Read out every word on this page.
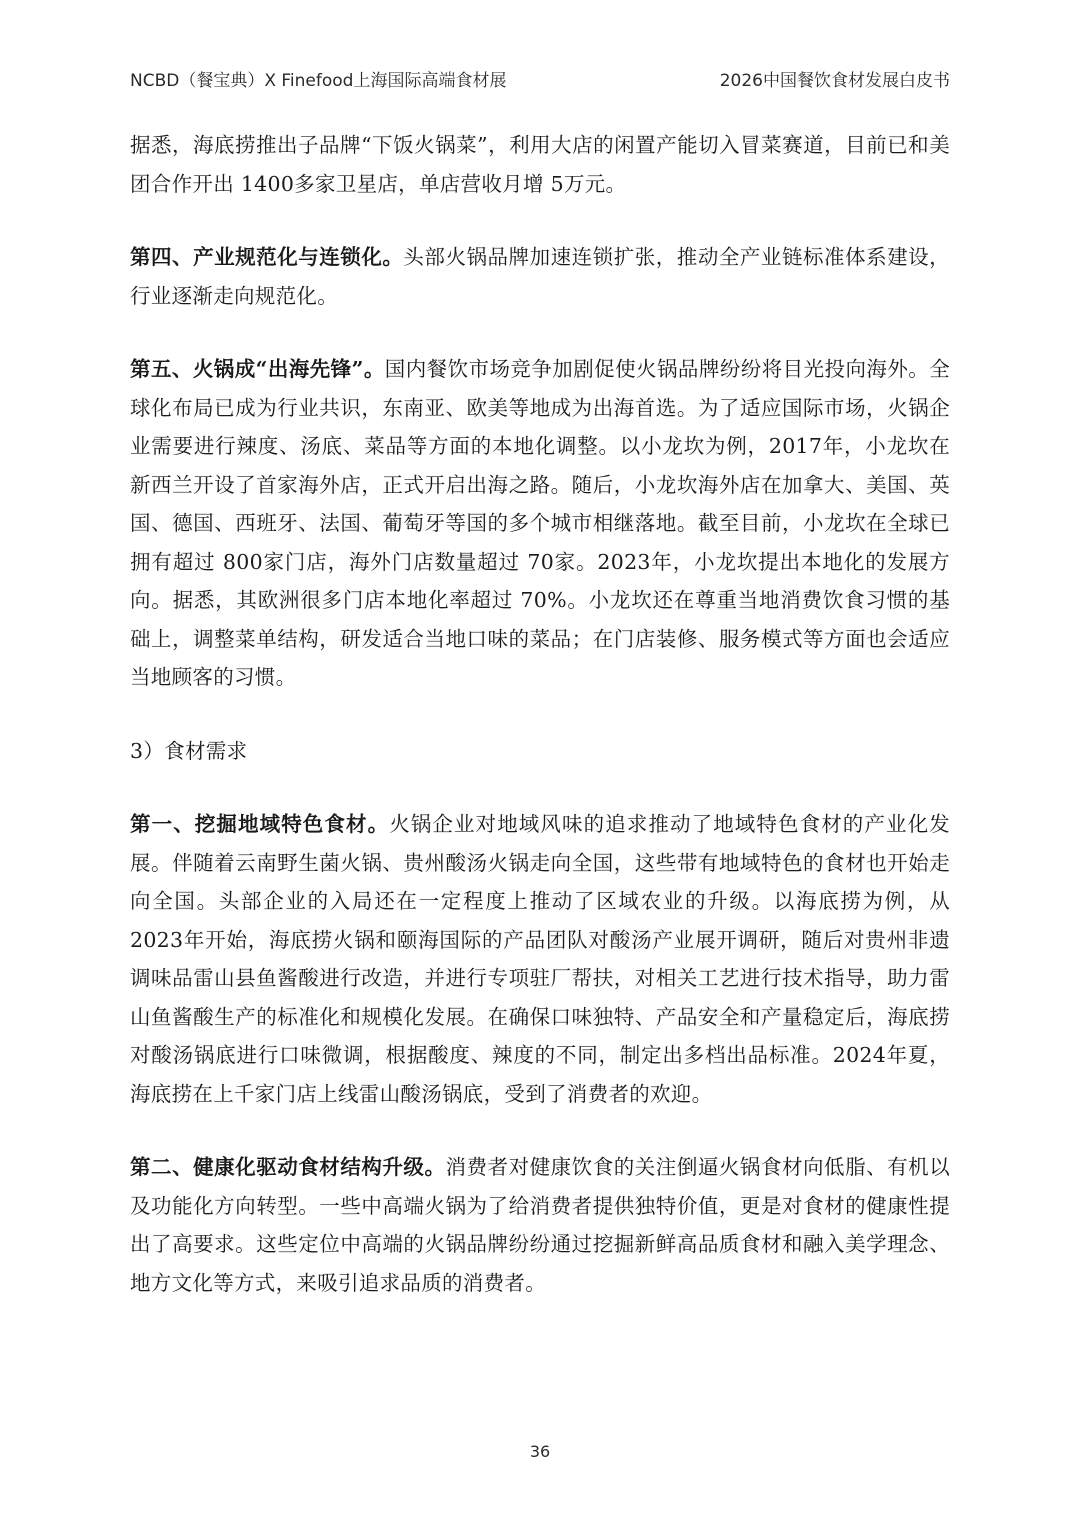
NCBD（餐宝典）X Finefood上海国际高端食材展	2026中国餐饮食材发展白皮书

据悉，海底捞推出子品牌“下饭火锅菜”，利用大店的闲置产能切入冒菜赛道，目前已和美团合作开出 1400多家卫星店，单店营收月增 5万元。

第四、产业规范化与连锁化。头部火锅品牌加速连锁扩张，推动全产业链标准体系建设，行业逐渐走向规范化。

第五、火锅成“出海先锋”。国内餐饮市场竞争加剧促使火锅品牌纷纷将目光投向海外。全球化布局已成为行业共识，东南亚、欧美等地成为出海首选。为了适应国际市场，火锅企业需要进行辣度、汤底、菜品等方面的本地化调整。以小龙坎为例，2017年，小龙坎在新西兰开设了首家海外店，正式开启出海之路。随后，小龙坎海外店在加拿大、美国、英国、德国、西班牙、法国、葡萄牙等国的多个城市相继落地。截至目前，小龙坎在全球已拥有超过 800家门店，海外门店数量超过 70家。2023年，小龙坎提出本地化的发展方向。据悉，其欧洲很多门店本地化率超过 70%。小龙坎还在尊重当地消费饮食习惯的基础上，调整菜单结构，研发适合当地口味的菜品；在门店装修、服务模式等方面也会适应当地顾客的习惯。

3）食材需求

第一、挖掘地域特色食材。火锅企业对地域风味的追求推动了地域特色食材的产业化发展。伴随着云南野生菌火锅、贵州酸汤火锅走向全国，这些带有地域特色的食材也开始走向全国。头部企业的入局还在一定程度上推动了区域农业的升级。以海底捞为例，从 2023年开始，海底捞火锅和颐海国际的产品团队对酸汤产业展开调研，随后对贵州非遗调味品雷山县鱼酱酸进行改造，并进行专项驻厂帮扶，对相关工艺进行技术指导，助力雷山鱼酱酸生产的标准化和规模化发展。在确保口味独特、产品安全和产量稳定后，海底捞对酸汤锅底进行口味微调，根据酸度、辣度的不同，制定出多档出品标准。2024年夏，海底捞在上千家门店上线雷山酸汤锅底，受到了消费者的欢迎。

第二、健康化驱动食材结构升级。消费者对健康饮食的关注倒逼火锅食材向低脂、有机以及功能化方向转型。一些中高端火锅为了给消费者提供独特价值，更是对食材的健康性提出了高要求。这些定位中高端的火锅品牌纷纷通过挖掘新鲜高品质食材和融入美学理念、地方文化等方式，来吸引追求品质的消费者。

36
